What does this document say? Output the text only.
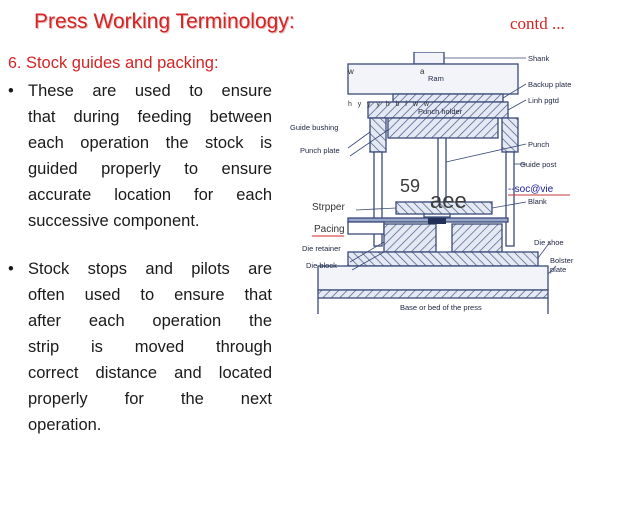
Press Working Terminology:	contd ...
6. Stock guides and packing:
• These are used to ensure
that during feeding between
each operation the stock is
guided properly to ensure
accurate location for each
successive component.
• Stock stops and pilots are
often used to ensure that
after each operation the
strip is moved through
correct distance and located
properly for the next
operation.
Shank
Backup plate
Linh pgtd
Ram
Punch holder
Guide bushing
Punch plate
Punch
Guide post
Blank
Die shoe
Die retainer
Die block
Bolster
plate
Base or bed of the press
Strpper
Pacing
w	a
h   y   y   y   h   b   f   w   w
59
aee	--soc@vie
